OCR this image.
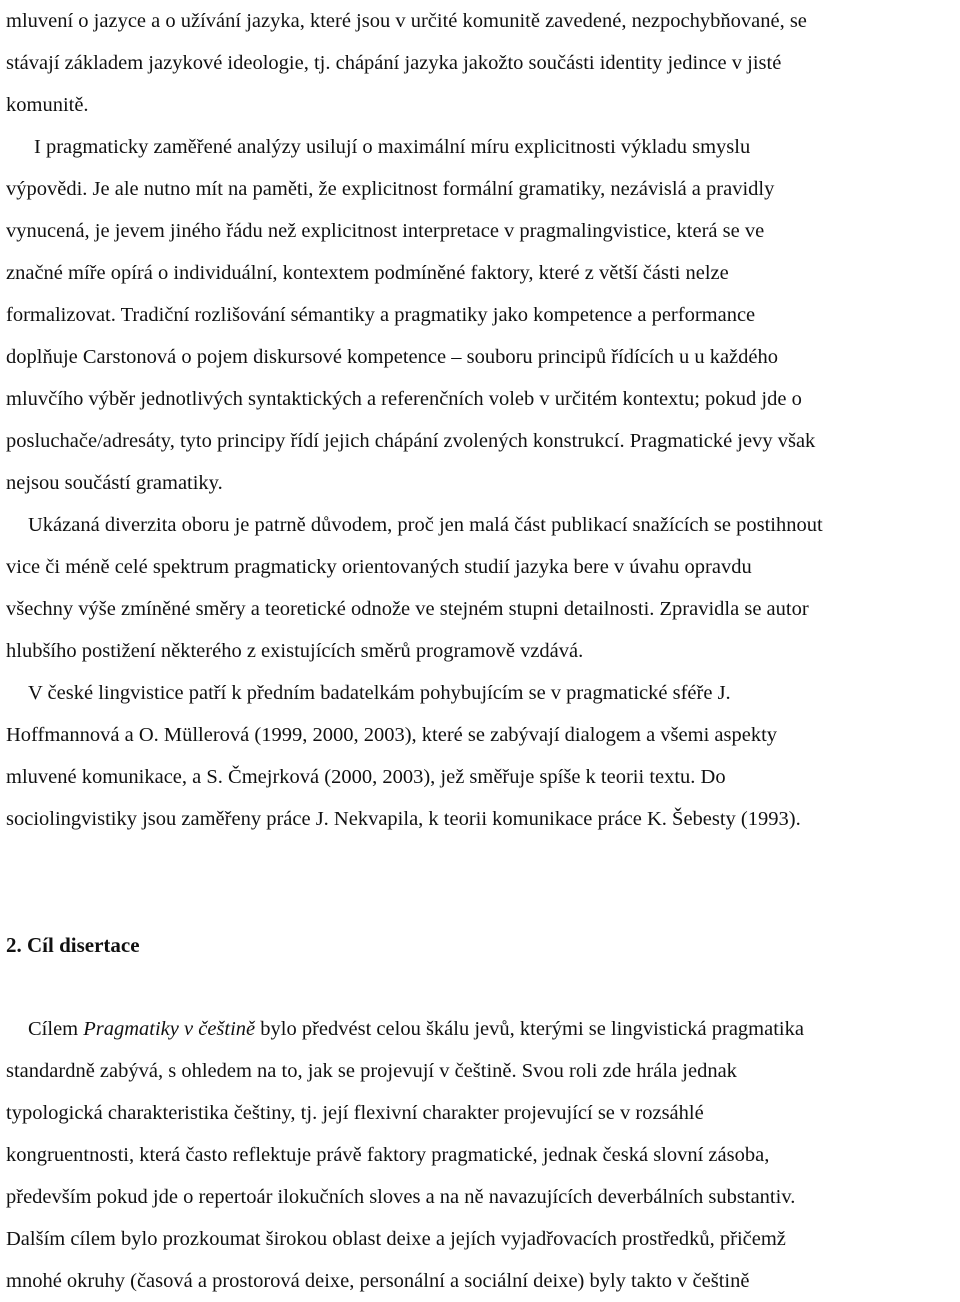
mluvení o jazyce a o užívání jazyka, které jsou v určité komunitě zavedené, nezpochybňované, se
stávají základem jazykové ideologie, tj. chápání jazyka jakožto součásti identity jedince v jisté
komunitě.
I pragmaticky zaměřené analýzy usilují o maximální míru explicitnosti výkladu smyslu
výpovědi. Je ale nutno mít na paměti, že explicitnost formální gramatiky, nezávislá a pravidly
vynucená, je jevem jiného řádu než explicitnost interpretace v pragmalingvistice, která se ve
značné míře opírá o individuální, kontextem podmíněné faktory, které z větší části nelze
formalizovat. Tradiční rozlišování sémantiky a pragmatiky jako kompetence a performance
doplňuje Carstonová o pojem diskursové kompetence – souboru principů řídících u u každého
mluvčího výběr jednotlivých syntaktických a referenčních voleb v určitém kontextu; pokud jde o
posluchače/adresáty, tyto principy řídí jejich chápání zvolených konstrukcí. Pragmatické jevy však
nejsou součástí gramatiky.
Ukázaná diverzita oboru je patrně důvodem, proč jen malá část publikací snažících se postihnout
vice či méně celé spektrum pragmaticky orientovaných studií jazyka bere v úvahu opravdu
všechny výše zmíněné směry a teoretické odnože ve stejném stupni detailnosti. Zpravidla se autor
hlubšího postižení některého z existujících směrů programově vzdává.
V české lingvistice patří k předním badatelkám pohybujícím se v pragmatické sféře J.
Hoffmannová a O. Müllerová (1999, 2000, 2003), které se zabývají dialogem a všemi aspekty
mluvené komunikace, a S. Čmejrková (2000, 2003), jež směřuje spíše k teorii textu. Do
sociolingvistiky jsou zaměřeny práce J. Nekvapila, k teorii komunikace práce K. Šebesty (1993).
2. Cíl disertace
Cílem Pragmatiky v češtině bylo předvést celou škálu jevů, kterými se lingvistická pragmatika
standardně zabývá, s ohledem na to, jak se projevují v češtině. Svou roli zde hrála jednak
typologická charakteristika češtiny, tj. její flexivní charakter projevující se v rozsáhlé
kongruentnosti, která často reflektuje právě faktory pragmatické, jednak česká slovní zásoba,
především pokud jde o repertoár ilokučních sloves a na ně navazujících deverbálních substantiv.
Dalším cílem bylo prozkoumat širokou oblast deixe a jejích vyjadřovacích prostředků, přičemž
mnohé okruhy (časová a prostorová deixe, personální a sociální deixe) byly takto v češtině
